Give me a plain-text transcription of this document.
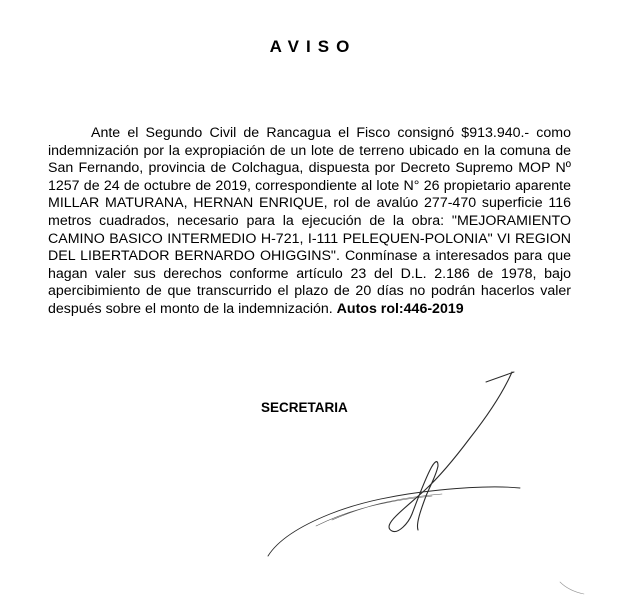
AVISO

Ante el Segundo Civil de Rancagua el Fisco consignó $913.940.- como indemnización por la expropiación de un lote de terreno ubicado en la comuna de San Fernando, provincia de Colchagua, dispuesta por Decreto Supremo MOP Nº 1257 de 24 de octubre de 2019, correspondiente al lote N° 26 propietario aparente MILLAR MATURANA, HERNAN ENRIQUE, rol de avalúo 277-470 superficie 116 metros cuadrados, necesario para la ejecución de la obra: "MEJORAMIENTO CAMINO BASICO INTERMEDIO H-721, I-111 PELEQUEN-POLONIA" VI REGION DEL LIBERTADOR BERNARDO OHIGGINS". Conmínase a interesados para que hagan valer sus derechos conforme artículo 23 del D.L. 2.186 de 1978, bajo apercibimiento de que transcurrido el plazo de 20 días no podrán hacerlos valer después sobre el monto de la indemnización. Autos rol:446-2019

SECRETARIA
